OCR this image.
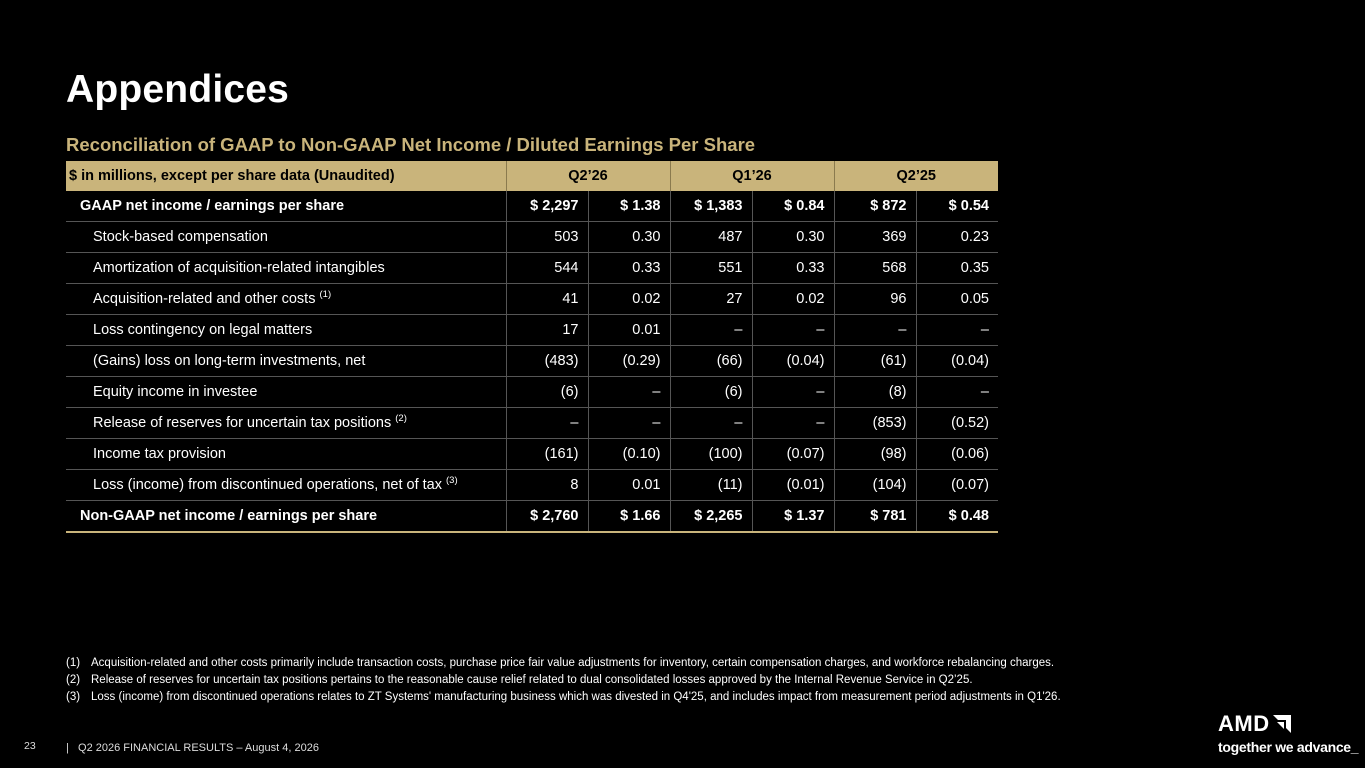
Appendices
Reconciliation of GAAP to Non-GAAP Net Income / Diluted Earnings Per Share
$ in millions, except per share data (Unaudited)	Q2’26		Q1’26		Q2’25	
GAAP net income / earnings per share	$ 2,297	$ 1.38	$ 1,383	$ 0.84	$ 872	$ 0.54
Stock-based compensation	503	0.30	487	0.30	369	0.23
Amortization of acquisition-related intangibles	544	0.33	551	0.33	568	0.35
Acquisition-related and other costs $^{(1)}$	41	0.02	27	0.02	96	0.05
Loss contingency on legal matters	17	0.01	–	–	–	–
(Gains) loss on long-term investments, net	(483)	(0.29)	(66)	(0.04)	(61)	(0.04)
Equity income in investee	(6)	–	(6)	–	(8)	–
Release of reserves for uncertain tax positions $^{(2)}$	–	–	–	–	(853)	(0.52)
Income tax provision	(161)	(0.10)	(100)	(0.07)	(98)	(0.06)
Loss (income) from discontinued operations, net of tax $^{(3)}$	8	0.01	(11)	(0.01)	(104)	(0.07)
Non-GAAP net income / earnings per share	$ 2,760	$ 1.66	$ 2,265	$ 1.37	$ 781	$ 0.48
(1) Acquisition-related and other costs primarily include transaction costs, purchase price fair value adjustments for inventory, certain compensation charges, and workforce rebalancing charges.
(2) Release of reserves for uncertain tax positions pertains to the reasonable cause relief related to dual consolidated losses approved by the Internal Revenue Service in Q2’25.
(3) Loss (income) from discontinued operations relates to ZT Systems' manufacturing business which was divested in Q4'25, and includes impact from measurement period adjustments in Q1'26.
23	|   Q2 2026 FINANCIAL RESULTS – August 4, 2026
AMD
together we advance_
